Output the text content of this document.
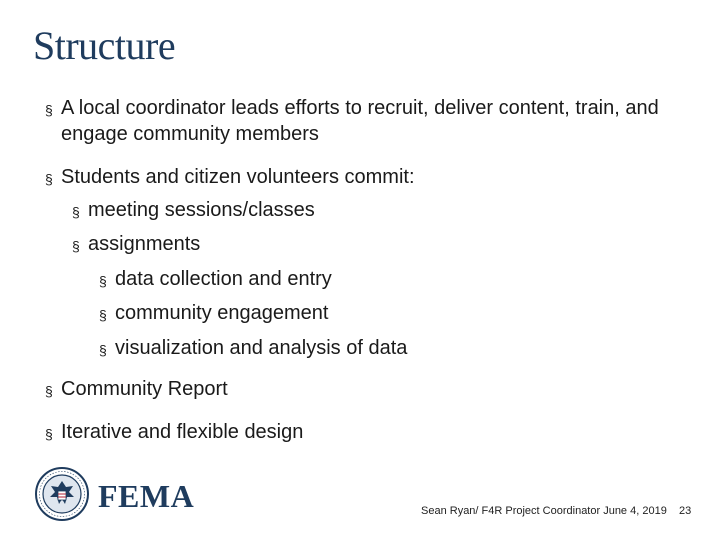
Structure
§ A local coordinator leads efforts to recruit, deliver content, train, and engage community members
§ Students and citizen volunteers commit:
§ meeting sessions/classes
§ assignments
§ data collection and entry
§ community engagement
§ visualization and analysis of data
§ Community Report
§ Iterative and flexible design
FEMA	Sean Ryan/ F4R Project Coordinator June 4, 2019 23
